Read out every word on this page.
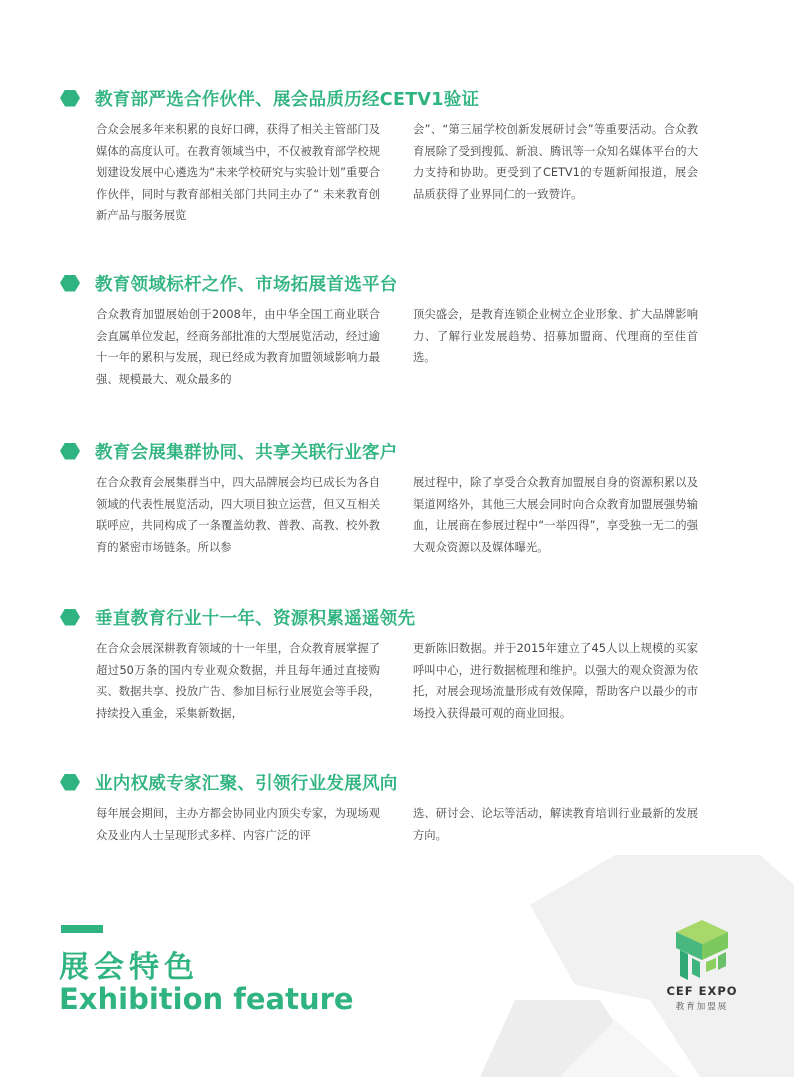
教育部严选合作伙伴、展会品质历经CETV1验证
合众会展多年来积累的良好口碑，获得了相关主管部门及媒体的高度认可。在教育领域当中，不仅被教育部学校规划建设发展中心遴选为“未来学校研究与实验计划”重要合作伙伴，同时与教育部相关部门共同主办了“ 未来教育创新产品与服务展览
会”、“第三届学校创新发展研讨会”等重要活动。合众教育展除了受到搜狐、新浪、腾讯等一众知名媒体平台的大力支持和协助。更受到了CETV1的专题新闻报道，展会品质获得了业界同仁的一致赞许。
教育领域标杆之作、市场拓展首选平台
合众教育加盟展始创于2008年，由中华全国工商业联合会直属单位发起，经商务部批准的大型展览活动，经过逾十一年的累积与发展，现已经成为教育加盟领域影响力最强、规模最大、观众最多的
顶尖盛会，是教育连锁企业树立企业形象、扩大品牌影响力、了解行业发展趋势、招募加盟商、代理商的至佳首选。
教育会展集群协同、共享关联行业客户
在合众教育会展集群当中，四大品牌展会均已成长为各自领域的代表性展览活动，四大项目独立运营，但又互相关联呼应，共同构成了一条覆盖幼教、普教、高教、校外教育的紧密市场链条。所以参
展过程中，除了享受合众教育加盟展自身的资源积累以及渠道网络外，其他三大展会同时向合众教育加盟展强势输血，让展商在参展过程中“一举四得”，享受独一无二的强大观众资源以及媒体曝光。
垂直教育行业十一年、资源积累遥遥领先
在合众会展深耕教育领域的十一年里，合众教育展掌握了超过50万条的国内专业观众数据，并且每年通过直接购买、数据共享、投放广告、参加目标行业展览会等手段，持续投入重金，采集新数据，
更新陈旧数据。并于2015年建立了45人以上规模的买家呼叫中心，进行数据梳理和维护。以强大的观众资源为依托，对展会现场流量形成有效保障，帮助客户以最少的市场投入获得最可观的商业回报。
业内权威专家汇聚、引领行业发展风向
每年展会期间，主办方都会协同业内顶尖专家，为现场观众及业内人士呈现形式多样、内容广泛的评
选、研讨会、论坛等活动，解读教育培训行业最新的发展方向。
展会特色
Exhibition feature	CEF EXPO
教育加盟展
